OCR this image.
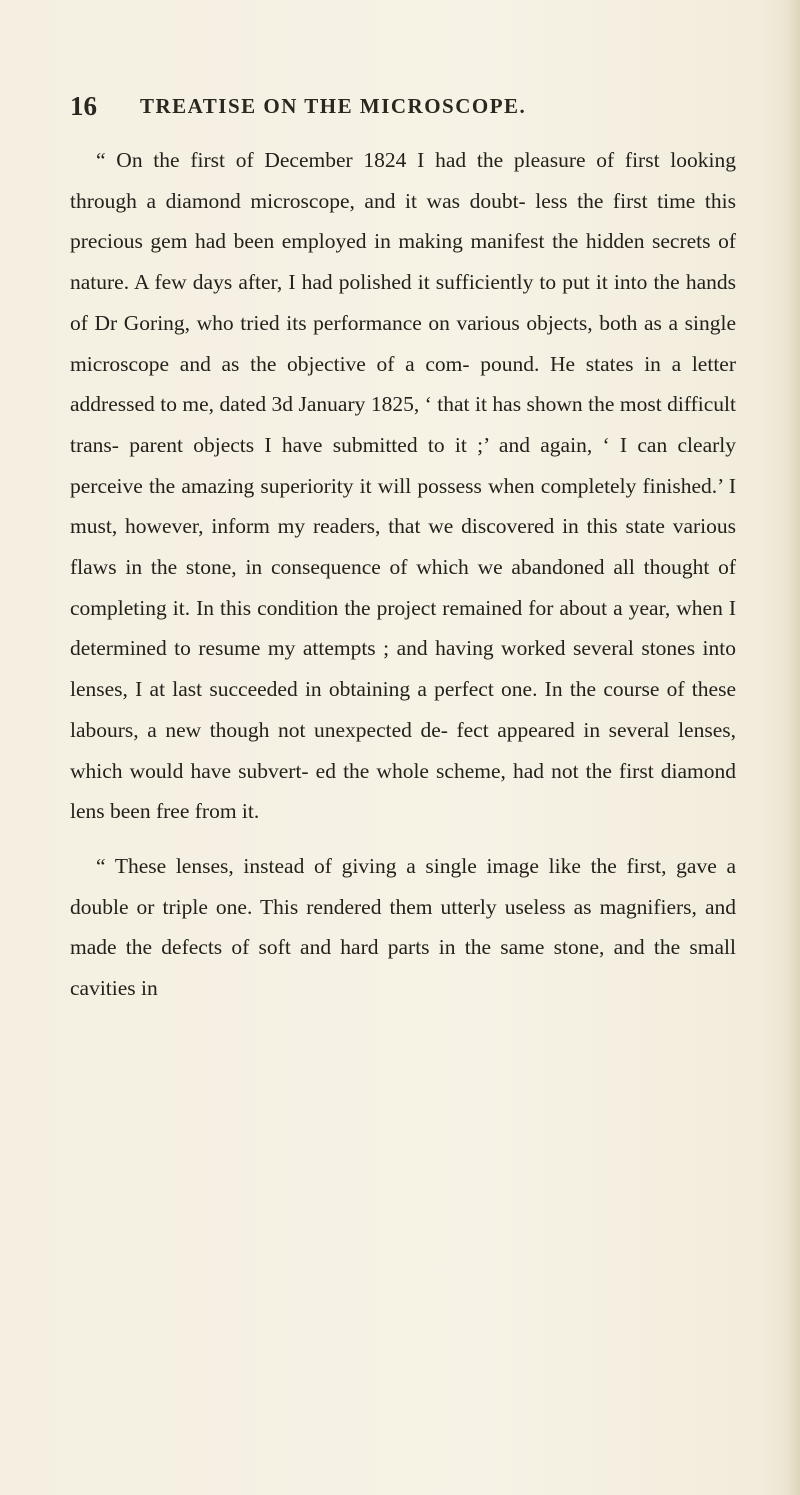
16 TREATISE ON THE MICROSCOPE.

“ On the first of December 1824 I had the pleasure of first looking through a diamond microscope, and it was doubt- less the first time this precious gem had been employed in making manifest the hidden secrets of nature. A few days after, I had polished it sufficiently to put it into the hands of Dr Goring, who tried its performance on various objects, both as a single microscope and as the objective of a com- pound. He states in a letter addressed to me, dated 3d January 1825, ‘ that it has shown the most difficult trans- parent objects I have submitted to it ;’ and again, ‘ I can clearly perceive the amazing superiority it will possess when completely finished.’ I must, however, inform my readers, that we discovered in this state various flaws in the stone, in consequence of which we abandoned all thought of completing it. In this condition the project remained for about a year, when I determined to resume my attempts ; and having worked several stones into lenses, I at last succeeded in obtaining a perfect one. In the course of these labours, a new though not unexpected de- fect appeared in several lenses, which would have subvert- ed the whole scheme, had not the first diamond lens been free from it.

“ These lenses, instead of giving a single image like the first, gave a double or triple one. This rendered them utterly useless as magnifiers, and made the defects of soft and hard parts in the same stone, and the small cavities in
